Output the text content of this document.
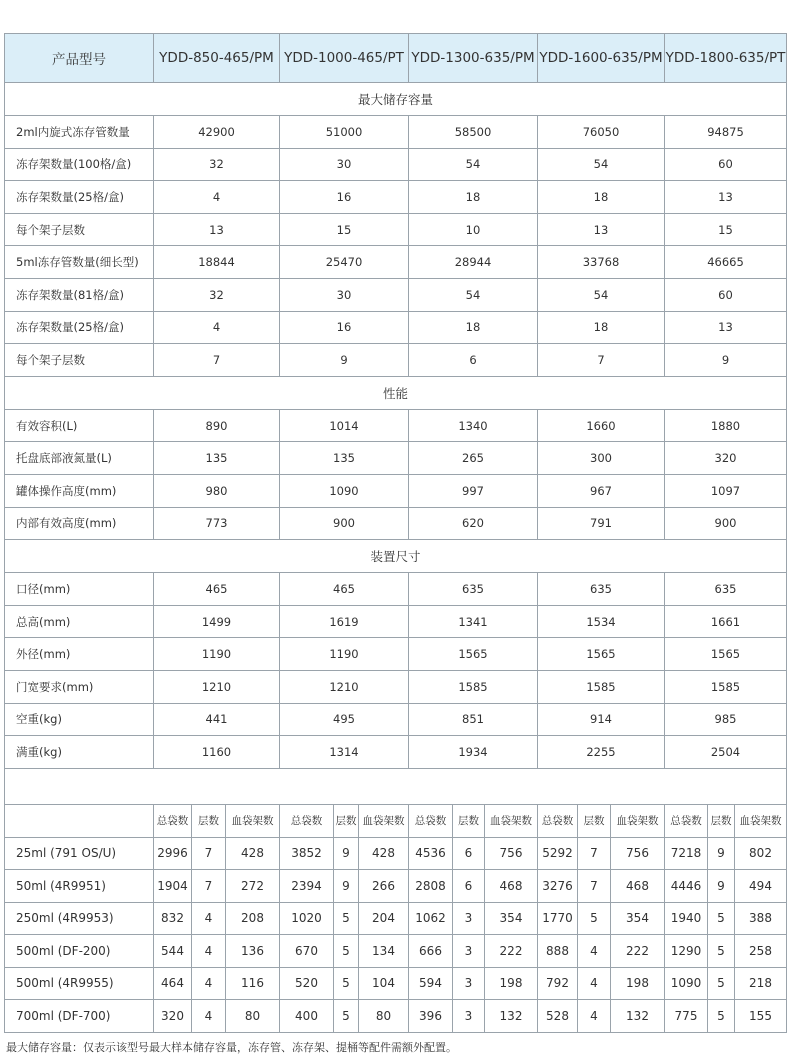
产品型号	YDD-850-465/PM			YDD-1000-465/PT			YDD-1300-635/PM			YDD-1600-635/PM			YDD-1800-635/PT		
最大储存容量															
2ml内旋式冻存管数量	42900			51000			58500			76050			94875		
冻存架数量(100格/盒)	32			30			54			54			60		
冻存架数量(25格/盒)	4			16			18			18			13		
每个架子层数	13			15			10			13			15		
5ml冻存管数量(细长型)	18844			25470			28944			33768			46665		
冻存架数量(81格/盒)	32			30			54			54			60		
冻存架数量(25格/盒)	4			16			18			18			13		
每个架子层数	7			9			6			7			9		
性能															
有效容积(L)	890			1014			1340			1660			1880		
托盘底部液氮量(L)	135			135			265			300			320		
罐体操作高度(mm)	980			1090			997			967			1097		
内部有效高度(mm)	773			900			620			791			900		
装置尺寸															
口径(mm)	465			465			635			635			635		
总高(mm)	1499			1619			1341			1534			1661		
外径(mm)	1190			1190			1565			1565			1565		
门宽要求(mm)	1210			1210			1585			1585			1585		
空重(kg)	441			495			851			914			985		
满重(kg)	1160			1314			1934			2255			2504		

	总袋数	层数	血袋架数	总袋数	层数	血袋架数	总袋数	层数	血袋架数	总袋数	层数	血袋架数	总袋数	层数	血袋架数
25ml (791 OS/U)	2996	7	428	3852	9	428	4536	6	756	5292	7	756	7218	9	802
50ml (4R9951)	1904	7	272	2394	9	266	2808	6	468	3276	7	468	4446	9	494
250ml (4R9953)	832	4	208	1020	5	204	1062	3	354	1770	5	354	1940	5	388
500ml (DF-200)	544	4	136	670	5	134	666	3	222	888	4	222	1290	5	258
500ml (4R9955)	464	4	116	520	5	104	594	3	198	792	4	198	1090	5	218
700ml (DF-700)	320	4	80	400	5	80	396	3	132	528	4	132	775	5	155
最大储存容量：仅表示该型号最大样本储存容量，冻存管、冻存架、提桶等配件需额外配置。
